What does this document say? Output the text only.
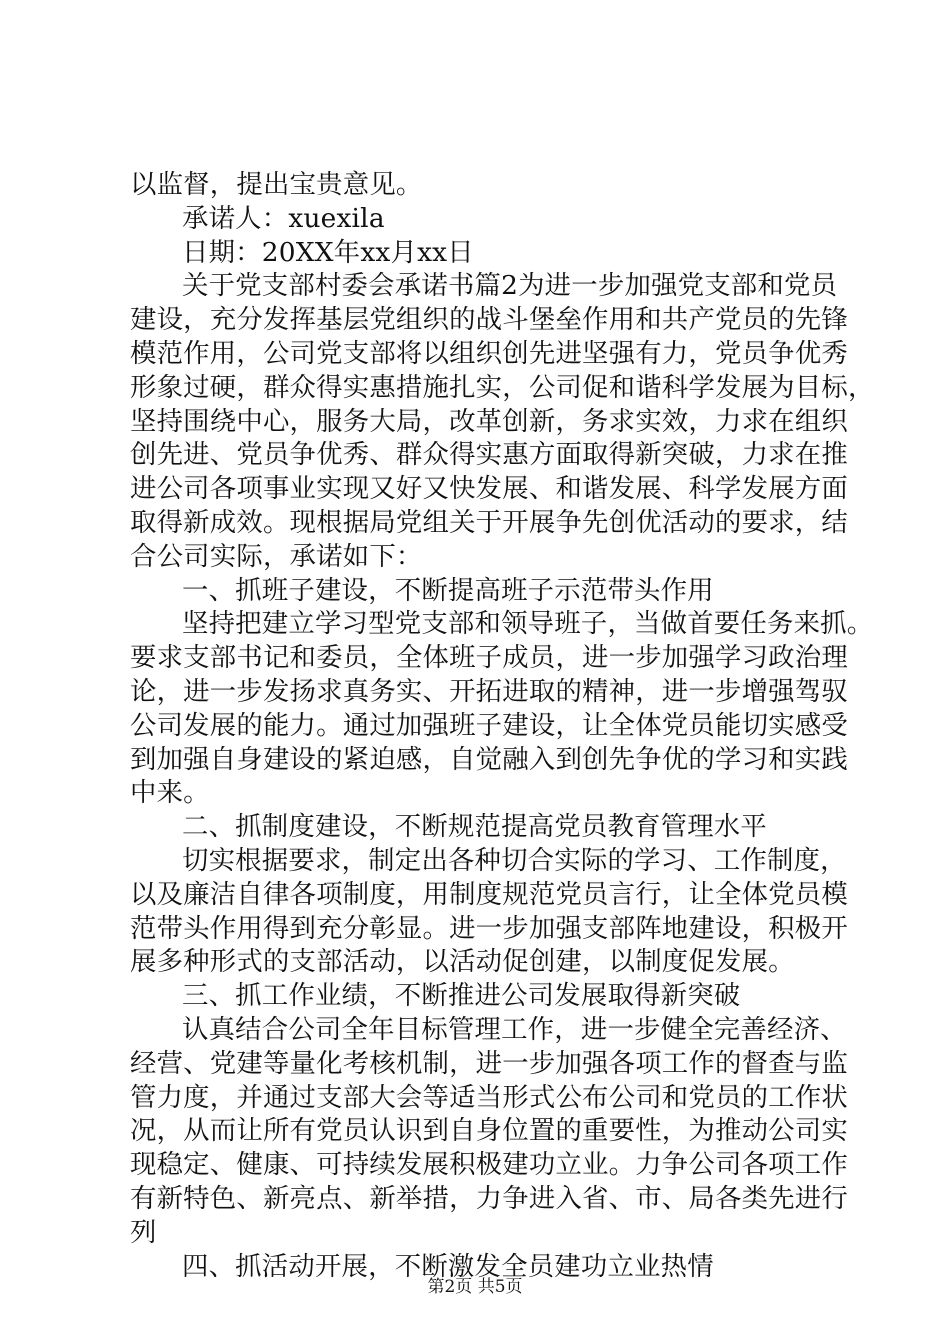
以监督，提出宝贵意见。
承诺人：xuexila
日期：20XX年xx月xx日
关于党支部村委会承诺书篇2为进一步加强党支部和党员
建设，充分发挥基层党组织的战斗堡垒作用和共产党员的先锋
模范作用，公司党支部将以组织创先进坚强有力，党员争优秀
形象过硬，群众得实惠措施扎实，公司促和谐科学发展为目标，
坚持围绕中心，服务大局，改革创新，务求实效，力求在组织
创先进、党员争优秀、群众得实惠方面取得新突破，力求在推
进公司各项事业实现又好又快发展、和谐发展、科学发展方面
取得新成效。现根据局党组关于开展争先创优活动的要求，结
合公司实际，承诺如下：
一、抓班子建设，不断提高班子示范带头作用
坚持把建立学习型党支部和领导班子，当做首要任务来抓。
要求支部书记和委员，全体班子成员，进一步加强学习政治理
论，进一步发扬求真务实、开拓进取的精神，进一步增强驾驭
公司发展的能力。通过加强班子建设，让全体党员能切实感受
到加强自身建设的紧迫感，自觉融入到创先争优的学习和实践
中来。
二、抓制度建设，不断规范提高党员教育管理水平
切实根据要求，制定出各种切合实际的学习、工作制度，
以及廉洁自律各项制度，用制度规范党员言行，让全体党员模
范带头作用得到充分彰显。进一步加强支部阵地建设，积极开
展多种形式的支部活动，以活动促创建，以制度促发展。
三、抓工作业绩，不断推进公司发展取得新突破
认真结合公司全年目标管理工作，进一步健全完善经济、
经营、党建等量化考核机制，进一步加强各项工作的督查与监
管力度，并通过支部大会等适当形式公布公司和党员的工作状
况，从而让所有党员认识到自身位置的重要性，为推动公司实
现稳定、健康、可持续发展积极建功立业。力争公司各项工作
有新特色、新亮点、新举措，力争进入省、市、局各类先进行
列
四、抓活动开展，不断激发全员建功立业热情
第2页 共5页
